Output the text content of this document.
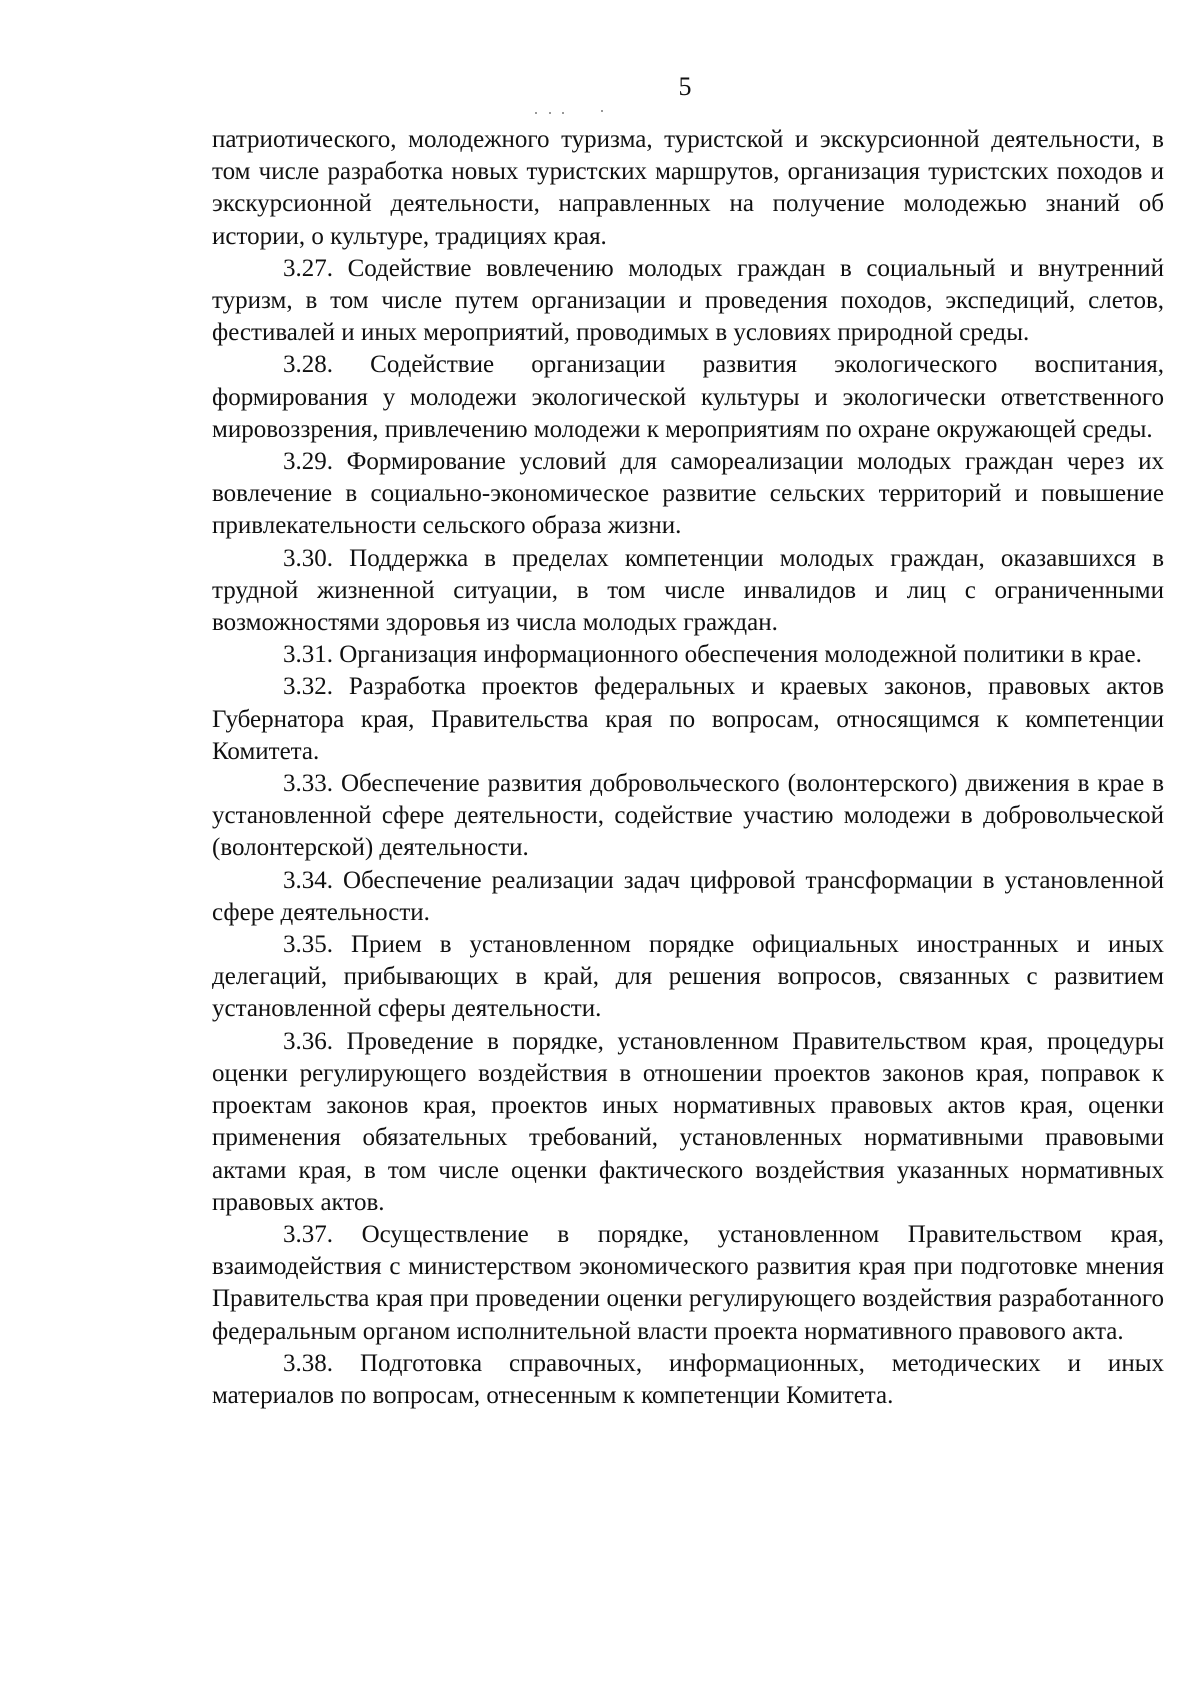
5

патриотического, молодежного туризма, туристской и экскурсионной деятельности, в том числе разработка новых туристских маршрутов, организация туристских походов и экскурсионной деятельности, направленных на получение молодежью знаний об истории, о культуре, традициях края.

3.27. Содействие вовлечению молодых граждан в социальный и внутренний туризм, в том числе путем организации и проведения походов, экспедиций, слетов, фестивалей и иных мероприятий, проводимых в условиях природной среды.

3.28. Содействие организации развития экологического воспитания, формирования у молодежи экологической культуры и экологически ответственного мировоззрения, привлечению молодежи к мероприятиям по охране окружающей среды.

3.29. Формирование условий для самореализации молодых граждан через их вовлечение в социально-экономическое развитие сельских территорий и повышение привлекательности сельского образа жизни.

3.30. Поддержка в пределах компетенции молодых граждан, оказавшихся в трудной жизненной ситуации, в том числе инвалидов и лиц с ограниченными возможностями здоровья из числа молодых граждан.

3.31. Организация информационного обеспечения молодежной политики в крае.

3.32. Разработка проектов федеральных и краевых законов, правовых актов Губернатора края, Правительства края по вопросам, относящимся к компетенции Комитета.

3.33. Обеспечение развития добровольческого (волонтерского) движения в крае в установленной сфере деятельности, содействие участию молодежи в добровольческой (волонтерской) деятельности.

3.34. Обеспечение реализации задач цифровой трансформации в установленной сфере деятельности.

3.35. Прием в установленном порядке официальных иностранных и иных делегаций, прибывающих в край, для решения вопросов, связанных с развитием установленной сферы деятельности.

3.36. Проведение в порядке, установленном Правительством края, процедуры оценки регулирующего воздействия в отношении проектов законов края, поправок к проектам законов края, проектов иных нормативных правовых актов края, оценки применения обязательных требований, установленных нормативными правовыми актами края, в том числе оценки фактического воздействия указанных нормативных правовых актов.

3.37. Осуществление в порядке, установленном Правительством края, взаимодействия с министерством экономического развития края при подготовке мнения Правительства края при проведении оценки регулирующего воздействия разработанного федеральным органом исполнительной власти проекта нормативного правового акта.

3.38. Подготовка справочных, информационных, методических и иных материалов по вопросам, отнесенным к компетенции Комитета.
